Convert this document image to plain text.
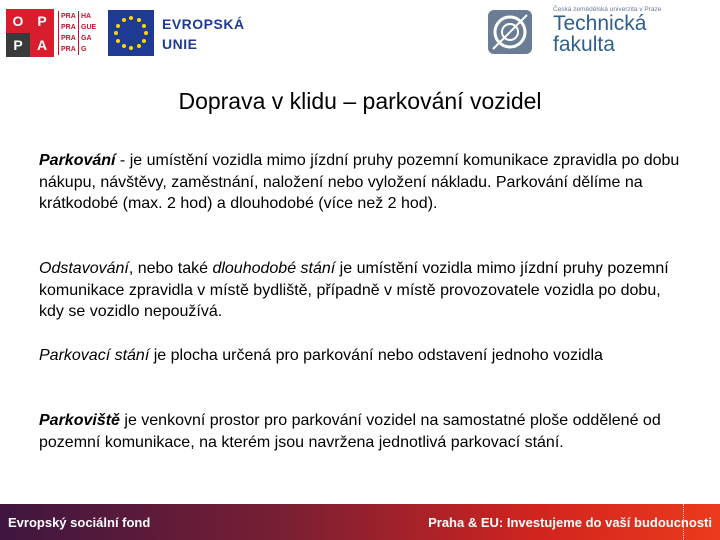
O P
P	A
PRA HA
PRA GUE
PRA GA
PRA G
EVROPSKÁ
UNIE
Česká zemědělská univerzita v Praze
Technická
fakulta
Doprava v klidu – parkování vozidel
Parkování - je umístění vozidla mimo jízdní pruhy pozemní komunikace zpravidla po dobu nákupu, návštěvy, zaměstnání, naložení nebo vyložení nákladu. Parkování dělíme na krátkodobé (max. 2 hod) a dlouhodobé (více než 2 hod).
Odstavování, nebo také dlouhodobé stání je umístění vozidla mimo jízdní pruhy pozemní komunikace zpravidla v místě bydliště, případně v místě provozovatele vozidla po dobu, kdy se vozidlo nepoužívá.
Parkovací stání je plocha určená pro parkování nebo odstavení jednoho vozidla
Parkoviště je venkovní prostor pro parkování vozidel na samostatné ploše oddělené od pozemní komunikace, na kterém jsou navržena jednotlivá parkovací stání.
Evropský sociální fond	Praha & EU: Investujeme do vaší budoucnosti
